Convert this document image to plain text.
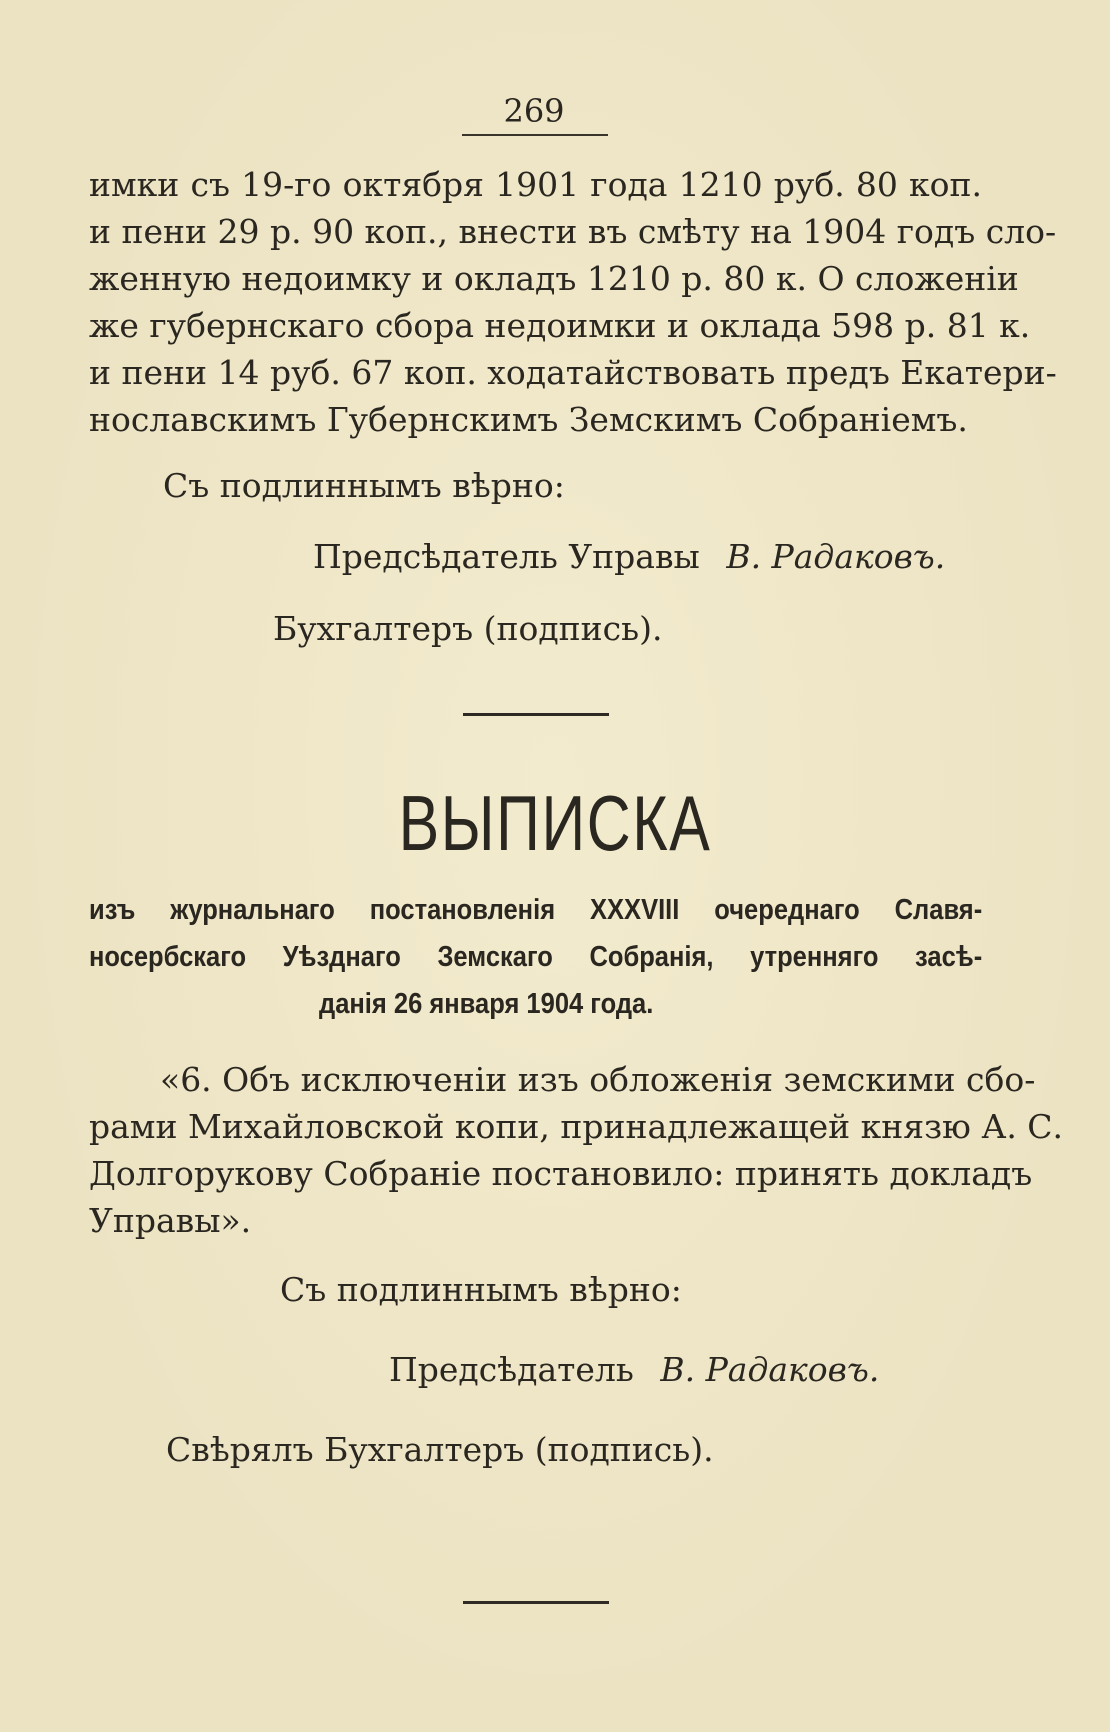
269
имки съ 19-го октября 1901 года 1210 руб. 80 коп.
и пени 29 р. 90 коп., внести въ смѣту на 1904 годъ сло-
женную недоимку и окладъ 1210 р. 80 к. О сложеніи
же губернскаго сбора недоимки и оклада 598 р. 81 к.
и пени 14 руб. 67 коп. ходатайствовать предъ Екатери-
нославскимъ Губернскимъ Земскимъ Собраніемъ.
Съ подлиннымъ вѣрно:
Предсѣдатель Управы В. Радаковъ.
Бухгалтеръ (подпись).
ВЫПИСКА
изъ журнальнаго постановленія XXXVIII очереднаго Славя-
носербскаго Уѣзднаго Земскаго Собранія, утренняго засѣ-
данія 26 января 1904 года.
«6. Объ исключеніи изъ обложенія земскими сбо-
рами Михайловской копи, принадлежащей князю А. С.
Долгорукову Собраніе постановило: принять докладъ
Управы».
Съ подлиннымъ вѣрно:
Предсѣдатель В. Радаковъ.
Свѣрялъ Бухгалтеръ (подпись).
